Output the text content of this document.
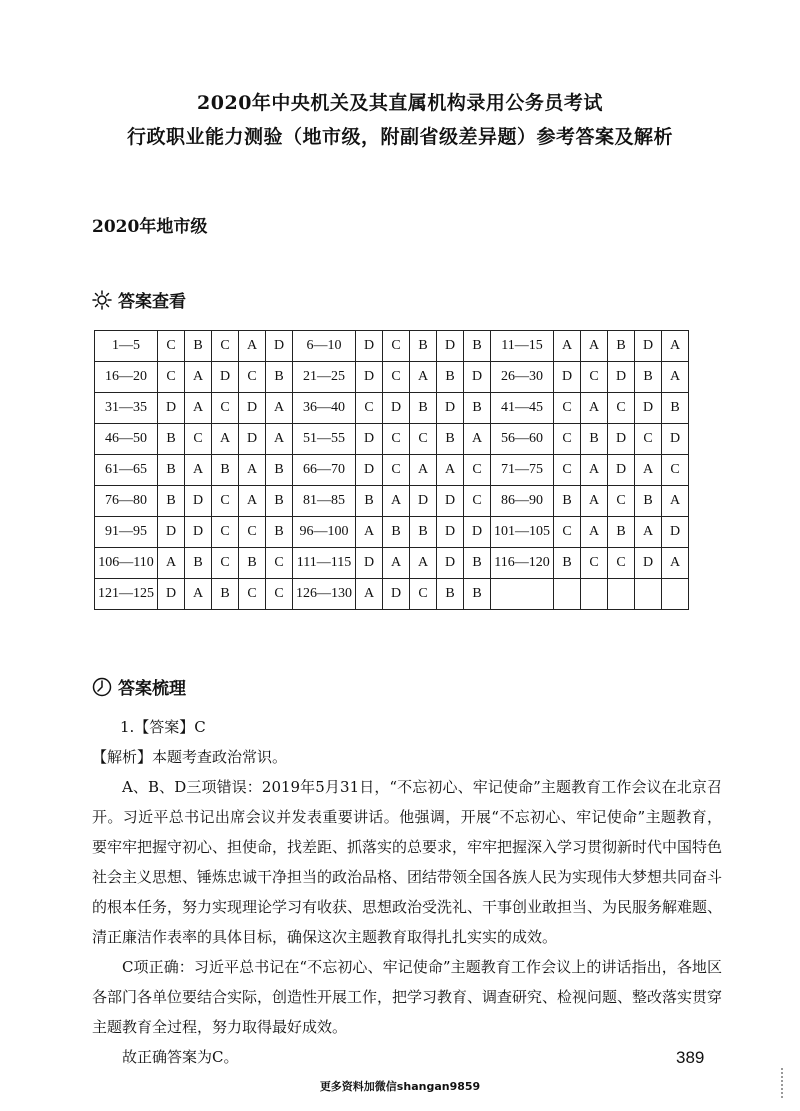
2020年中央机关及其直属机构录用公务员考试
行政职业能力测验（地市级，附副省级差异题）参考答案及解析
2020年地市级
答案查看
1—5	C	B	C	A	D	6—10	D	C	B	D	B	11—15	A	A	B	D	A
16—20	C	A	D	C	B	21—25	D	C	A	B	D	26—30	D	C	D	B	A
31—35	D	A	C	D	A	36—40	C	D	B	D	B	41—45	C	A	C	D	B
46—50	B	C	A	D	A	51—55	D	C	C	B	A	56—60	C	B	D	C	D
61—65	B	A	B	A	B	66—70	D	C	A	A	C	71—75	C	A	D	A	C
76—80	B	D	C	A	B	81—85	B	A	D	D	C	86—90	B	A	C	B	A
91—95	D	D	C	C	B	96—100	A	B	B	D	D	101—105	C	A	B	A	D
106—110	A	B	C	B	C	111—115	D	A	A	D	B	116—120	B	C	C	D	A
121—125	D	A	B	C	C	126—130	A	D	C	B	B						
答案梳理

1.【答案】C

【解析】本题考查政治常识。

A、B、D三项错误：2019年5月31日，“不忘初心、牢记使命”主题教育工作会议在北京召开。习近平总书记出席会议并发表重要讲话。他强调，开展“不忘初心、牢记使命”主题教育，要牢牢把握守初心、担使命，找差距、抓落实的总要求，牢牢把握深入学习贯彻新时代中国特色社会主义思想、锤炼忠诚干净担当的政治品格、团结带领全国各族人民为实现伟大梦想共同奋斗的根本任务，努力实现理论学习有收获、思想政治受洗礼、干事创业敢担当、为民服务解难题、清正廉洁作表率的具体目标，确保这次主题教育取得扎扎实实的成效。

C项正确：习近平总书记在“不忘初心、牢记使命”主题教育工作会议上的讲话指出，各地区各部门各单位要结合实际，创造性开展工作，把学习教育、调查研究、检视问题、整改落实贯穿主题教育全过程，努力取得最好成效。

故正确答案为C。	389
更多资料加微信shangan9859
